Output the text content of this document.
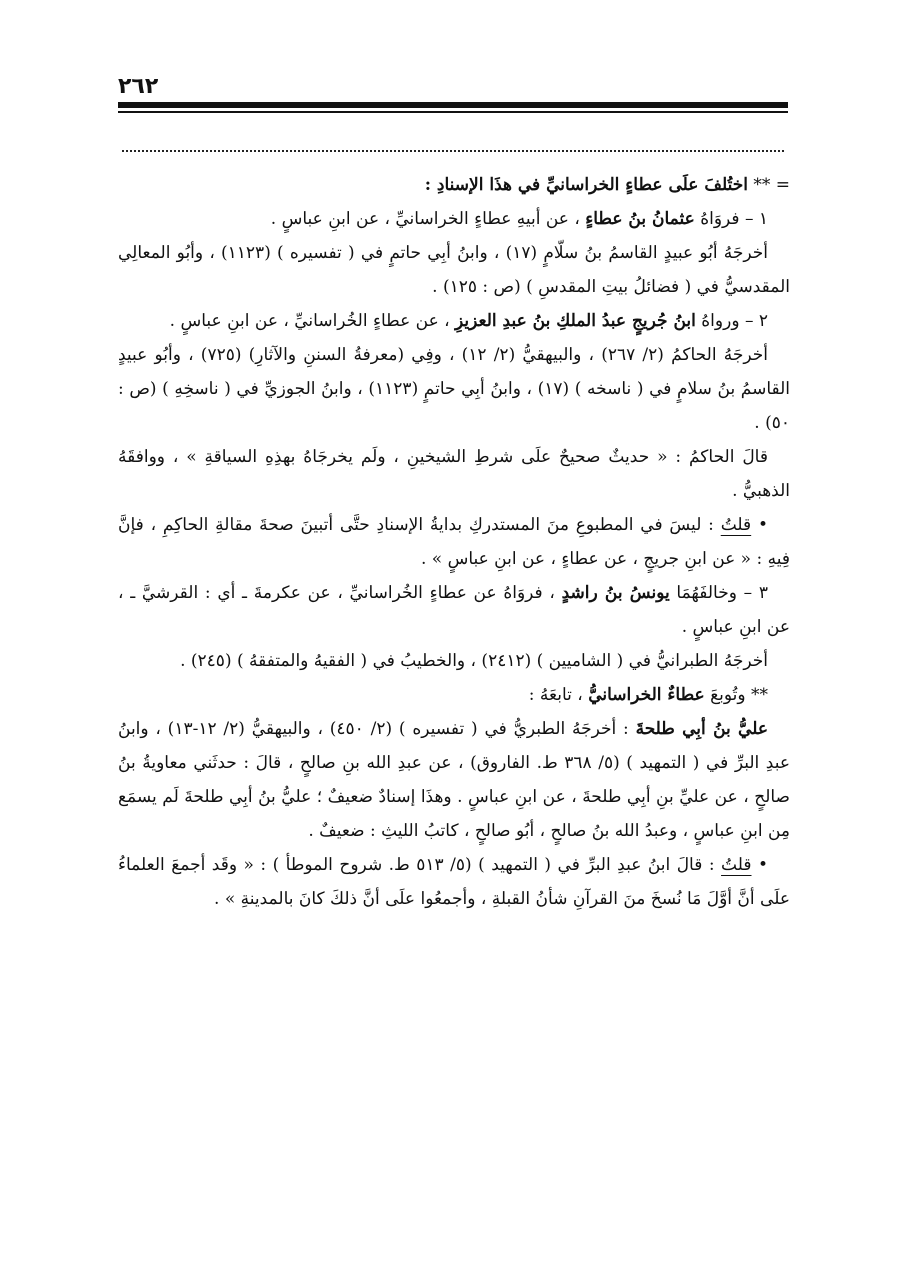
٢٦٢

= ** اختُلفَ علَى عطاءٍ الخراسانيِّ في هذَا الإسنادِ :

١ – فروَاهُ عثمانُ بنُ عطاءٍ ، عن أبيهِ عطاءٍ الخراسانيِّ ، عن ابنِ عباسٍ .

أخرجَهُ أبُو عبيدٍ القاسمُ بنُ سلّامٍ (١٧) ، وابنُ أبِي حاتمٍ في ( تفسيره ) (١١٢٣) ، وأبُو المعالِي المقدسيُّ في ( فضائلُ بيتِ المقدسِ ) (ص : ١٢٥) .

٢ – ورواهُ ابنُ جُريجٍ عبدُ الملكِ بنُ عبدِ العزيزِ ، عن عطاءٍ الخُراسانيِّ ، عن ابنِ عباسٍ .

أخرجَهُ الحاكمُ (٢/ ٢٦٧) ، والبيهقيُّ (٢/ ١٢) ، وفِي (معرفةُ السننِ والآثارِ) (٧٢٥) ، وأبُو عبيدٍ القاسمُ بنُ سلامٍ في ( ناسخه ) (١٧) ، وابنُ أبِي حاتمٍ (١١٢٣) ، وابنُ الجوزيِّ في ( ناسخِهِ ) (ص : ٥٠) .

قالَ الحاكمُ : « حديثٌ صحيحٌ علَى شرطِ الشيخينِ ، ولَم يخرجَاهُ بهذِهِ السياقةِ » ، ووافقَهُ الذهبيُّ .

• قلتُ : ليسَ في المطبوعِ منَ المستدركِ بدايةُ الإسنادِ حتَّى أتبينَ صحةَ مقالةِ الحاكِمِ ، فإنَّ فِيهِ : « عن ابنِ جريجٍ ، عن عطاءٍ ، عن ابنِ عباسٍ » .

٣ – وخالفَهُمَا يونسُ بنُ راشدٍ ، فروَاهُ عن عطاءٍ الخُراسانيِّ ، عن عكرمةَ ـ أي : القرشيَّ ـ ، عن ابنِ عباسٍ .

أخرجَهُ الطبرانيُّ في ( الشاميين ) (٢٤١٢) ، والخطيبُ في ( الفقيهُ والمتفقهُ ) (٢٤٥) .

** وتُوبعَ عطاءٌ الخراسانيُّ ، تابعَهُ :

عليُّ بنُ أبِي طلحةَ : أخرجَهُ الطبريُّ في ( تفسيره ) (٢/ ٤٥٠) ، والبيهقيُّ (٢/ ١٢-١٣) ، وابنُ عبدِ البرِّ في ( التمهيد ) (٥/ ٣٦٨ ط. الفاروق) ، عن عبدِ الله بنِ صالحٍ ، قالَ : حدثَني معاويةُ بنُ صالحٍ ، عن عليِّ بنِ أبِي طلحةَ ، عن ابنِ عباسٍ . وهذَا إسنادٌ ضعيفٌ ؛ عليُّ بنُ أبِي طلحةَ لَم يسمَع مِن ابنِ عباسٍ ، وعبدُ الله بنُ صالحٍ ، أبُو صالحٍ ، كاتبُ الليثِ : ضعيفٌ .

• قلتُ : قالَ ابنُ عبدِ البرِّ في ( التمهيد ) (٥/ ٥١٣ ط. شروح الموطأ ) : « وقَد أجمعَ العلماءُ علَى أنَّ أوَّلَ مَا نُسخَ منَ القرآنِ شأنُ القبلةِ ، وأجمعُوا علَى أنَّ ذلكَ كانَ بالمدينةِ » .
